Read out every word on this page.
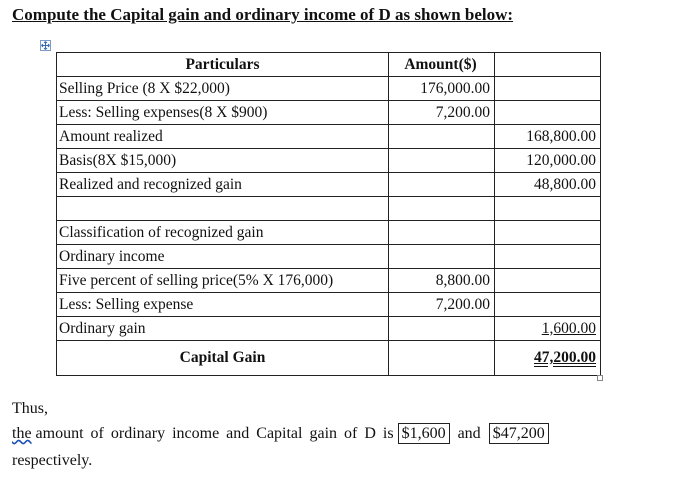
Compute the Capital gain and ordinary income of D as shown below:
Particulars	Amount($)	
Selling Price (8 X $22,000)	176,000.00	
Less: Selling expenses(8 X $900)	7,200.00	
Amount realized		168,800.00
Basis(8X $15,000)		120,000.00
Realized and recognized gain		48,800.00

Classification of recognized gain		
Ordinary income		
Five percent of selling price(5% X 176,000)	8,800.00	
Less: Selling expense	7,200.00	
Ordinary gain		1,600.00
Capital Gain		47,200.00
Thus,
the amount of ordinary income and Capital gain of D is $1,600 and $47,200
respectively.
